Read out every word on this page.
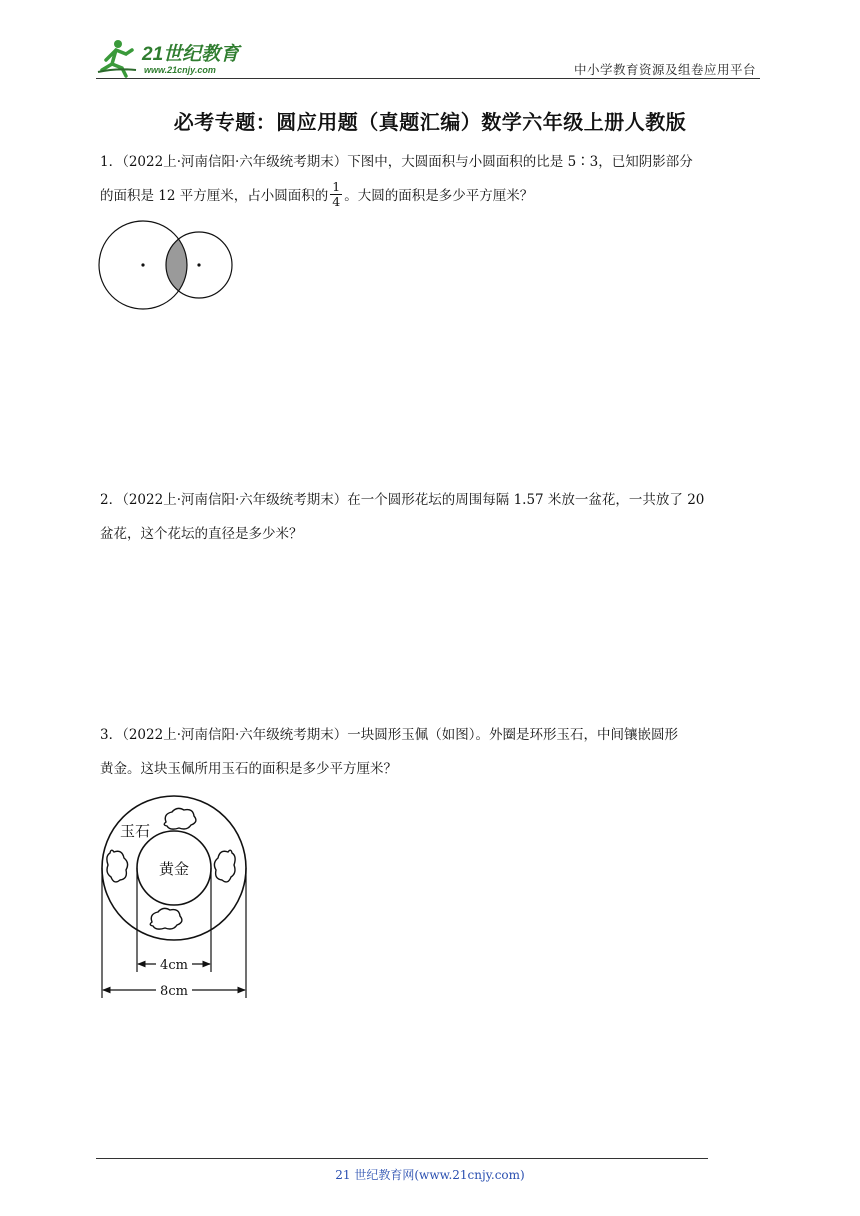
21世纪教育
www.21cnjy.com	中小学教育资源及组卷应用平台
必考专题：圆应用题（真题汇编）数学六年级上册人教版
1．（2022上·河南信阳·六年级统考期末）下图中，大圆面积与小圆面积的比是 5∶3，已知阴影部分
的面积是 12 平方厘米，占小圆面积的 $\frac{1}{4}$ 。大圆的面积是多少平方厘米？
2．（2022上·河南信阳·六年级统考期末）在一个圆形花坛的周围每隔 1.57 米放一盆花，一共放了 20
盆花，这个花坛的直径是多少米？
3．（2022上·河南信阳·六年级统考期末）一块圆形玉佩（如图）。外圈是环形玉石，中间镶嵌圆形
黄金。这块玉佩所用玉石的面积是多少平方厘米？
玉石
黄金
4cm
8cm
21 世纪教育网(www.21cnjy.com)
